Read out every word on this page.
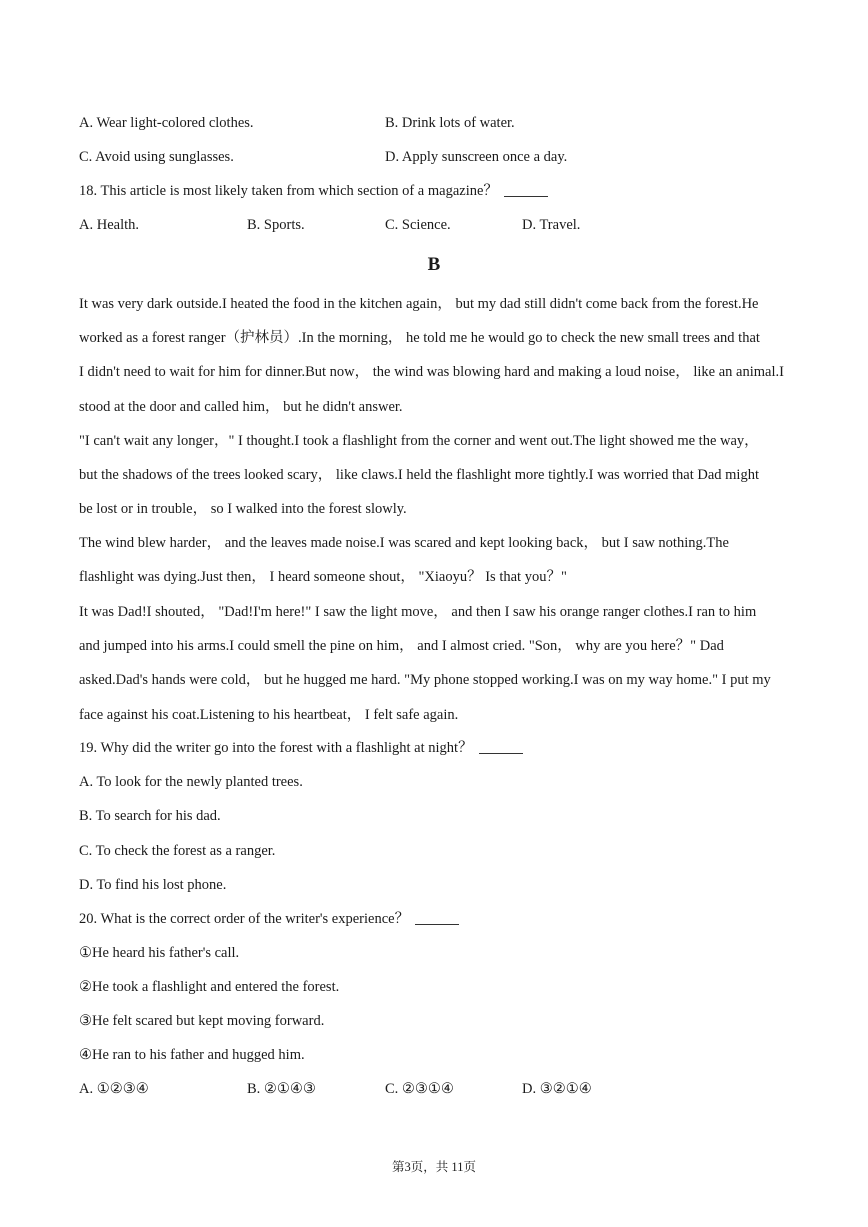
A. Wear light-colored clothes.	B. Drink lots of water.
C. Avoid using sunglasses.	D. Apply sunscreen once a day.
18. This article is most likely taken from which section of a magazine？
A. Health.	B. Sports.	C. Science.	D. Travel.
B
It was very dark outside.I heated the food in the kitchen again， but my dad still didn't come back from the forest.He
worked as a forest ranger（护林员）.In the morning， he told me he would go to check the new small trees and that
I didn't need to wait for him for dinner.But now， the wind was blowing hard and making a loud noise， like an animal.I
stood at the door and called him， but he didn't answer.
"I can't wait any longer，" I thought.I took a flashlight from the corner and went out.The light showed me the way，
but the shadows of the trees looked scary， like claws.I held the flashlight more tightly.I was worried that Dad might
be lost or in trouble， so I walked into the forest slowly.
The wind blew harder， and the leaves made noise.I was scared and kept looking back， but I saw nothing.The
flashlight was dying.Just then， I heard someone shout， "Xiaoyu？ Is that you？"
It was Dad!I shouted， "Dad!I'm here!" I saw the light move， and then I saw his orange ranger clothes.I ran to him
and jumped into his arms.I could smell the pine on him， and I almost cried. "Son， why are you here？" Dad
asked.Dad's hands were cold， but he hugged me hard. "My phone stopped working.I was on my way home." I put my
face against his coat.Listening to his heartbeat， I felt safe again.
19. Why did the writer go into the forest with a flashlight at night？
A. To look for the newly planted trees.
B. To search for his dad.
C. To check the forest as a ranger.
D. To find his lost phone.
20. What is the correct order of the writer's experience？
①He heard his father's call.
②He took a flashlight and entered the forest.
③He felt scared but kept moving forward.
④He ran to his father and hugged him.
A. ①②③④	B. ②①④③	C. ②③①④	D. ③②①④
第3页，共 11页
